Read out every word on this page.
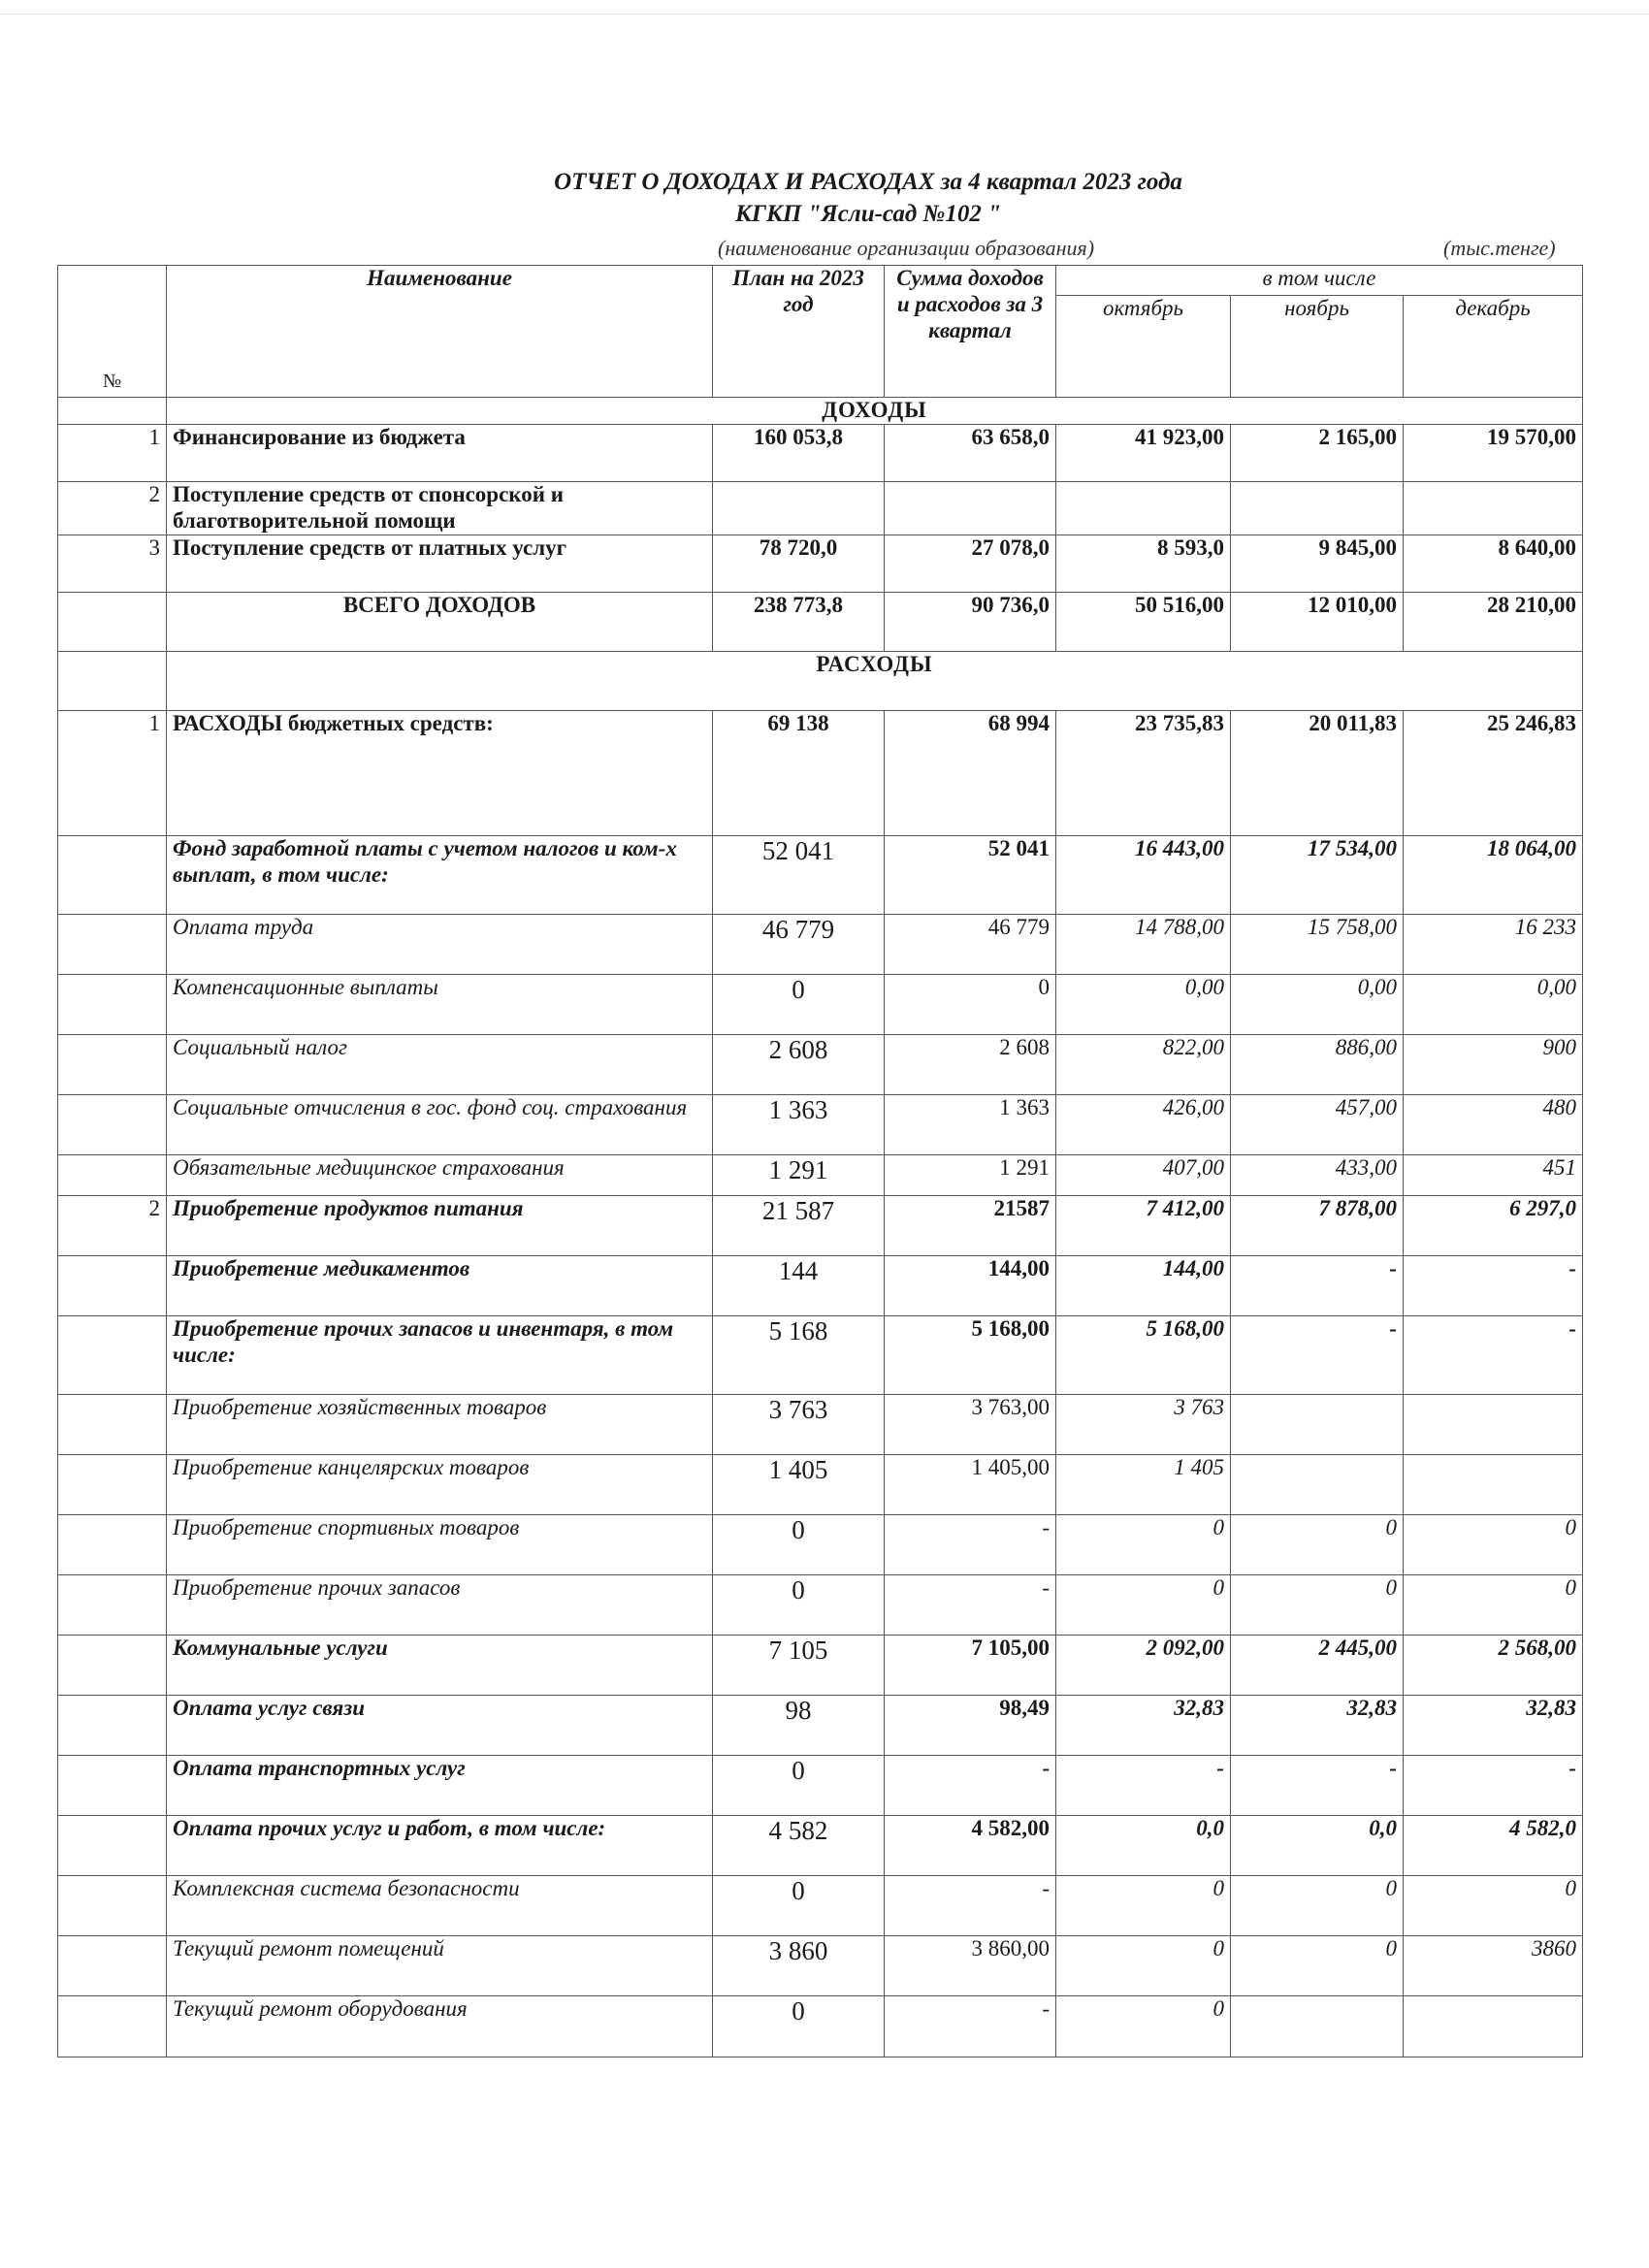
ОТЧЕТ О ДОХОДАХ И РАСХОДАХ за 4 квартал 2023 года
КГКП "Ясли-сад №102 "
(наименование организации образования)	(тыс.тенге)
№	Наименование	План на 2023 год	Сумма доходов и расходов за 3 квартал	в том числе		
				октябрь	ноябрь	декабрь
	ДОХОДЫ					
1	Финансирование из бюджета	160 053,8	63 658,0	41 923,00	2 165,00	19 570,00
2	Поступление средств от спонсорской и благотворительной помощи					
3	Поступление средств от платных услуг	78 720,0	27 078,0	8 593,0	9 845,00	8 640,00
	ВСЕГО ДОХОДОВ	238 773,8	90 736,0	50 516,00	12 010,00	28 210,00
	РАСХОДЫ					
1	РАСХОДЫ бюджетных средств:	69 138	68 994	23 735,83	20 011,83	25 246,83
	Фонд заработной платы с учетом налогов и ком-х выплат, в том числе:	52 041	52 041	16 443,00	17 534,00	18 064,00
	Оплата труда	46 779	46 779	14 788,00	15 758,00	16 233
	Компенсационные выплаты	0	0	0,00	0,00	0,00
	Социальный налог	2 608	2 608	822,00	886,00	900
	Социальные отчисления в гос. фонд соц. страхования	1 363	1 363	426,00	457,00	480
	Обязательные медицинское страхования	1 291	1 291	407,00	433,00	451
2	Приобретение продуктов питания	21 587	21587	7 412,00	7 878,00	6 297,0
	Приобретение медикаментов	144	144,00	144,00	-	-
	Приобретение прочих запасов и инвентаря, в том числе:	5 168	5 168,00	5 168,00	-	-
	Приобретение хозяйственных товаров	3 763	3 763,00	3 763		
	Приобретение канцелярских товаров	1 405	1 405,00	1 405		
	Приобретение спортивных товаров	0	-	0	0	0
	Приобретение прочих запасов	0	-	0	0	0
	Коммунальные услуги	7 105	7 105,00	2 092,00	2 445,00	2 568,00
	Оплата услуг связи	98	98,49	32,83	32,83	32,83
	Оплата транспортных услуг	0	-	-	-	-
	Оплата прочих услуг и работ, в том числе:	4 582	4 582,00	0,0	0,0	4 582,0
	Комплексная система безопасности	0	-	0	0	0
	Текущий ремонт помещений	3 860	3 860,00	0	0	3860
	Текущий ремонт оборудования	0	-	0		
